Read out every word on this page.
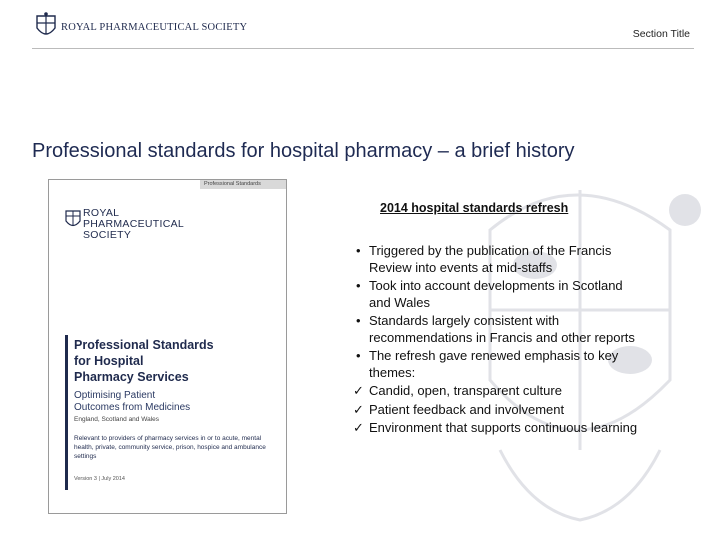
ROYAL PHARMACEUTICAL SOCIETY
Section Title
Professional standards for hospital pharmacy – a brief history
Professional Standards
ROYAL
PHARMACEUTICAL
SOCIETY
Professional Standards
for Hospital
Pharmacy Services
Optimising Patient
Outcomes from Medicines
England, Scotland and Wales
Relevant to providers of pharmacy services in or to acute, mental health, private, community service, prison, hospice and ambulance settings
Version 3 | July 2014
2014 hospital standards refresh
• Triggered by the publication of the Francis Review into events at mid-staffs
• Took into account developments in Scotland and Wales
• Standards largely consistent with recommendations in Francis and other reports
• The refresh gave renewed emphasis to key themes:
✓ Candid, open, transparent culture
✓ Patient feedback and involvement
✓ Environment that supports continuous learning
